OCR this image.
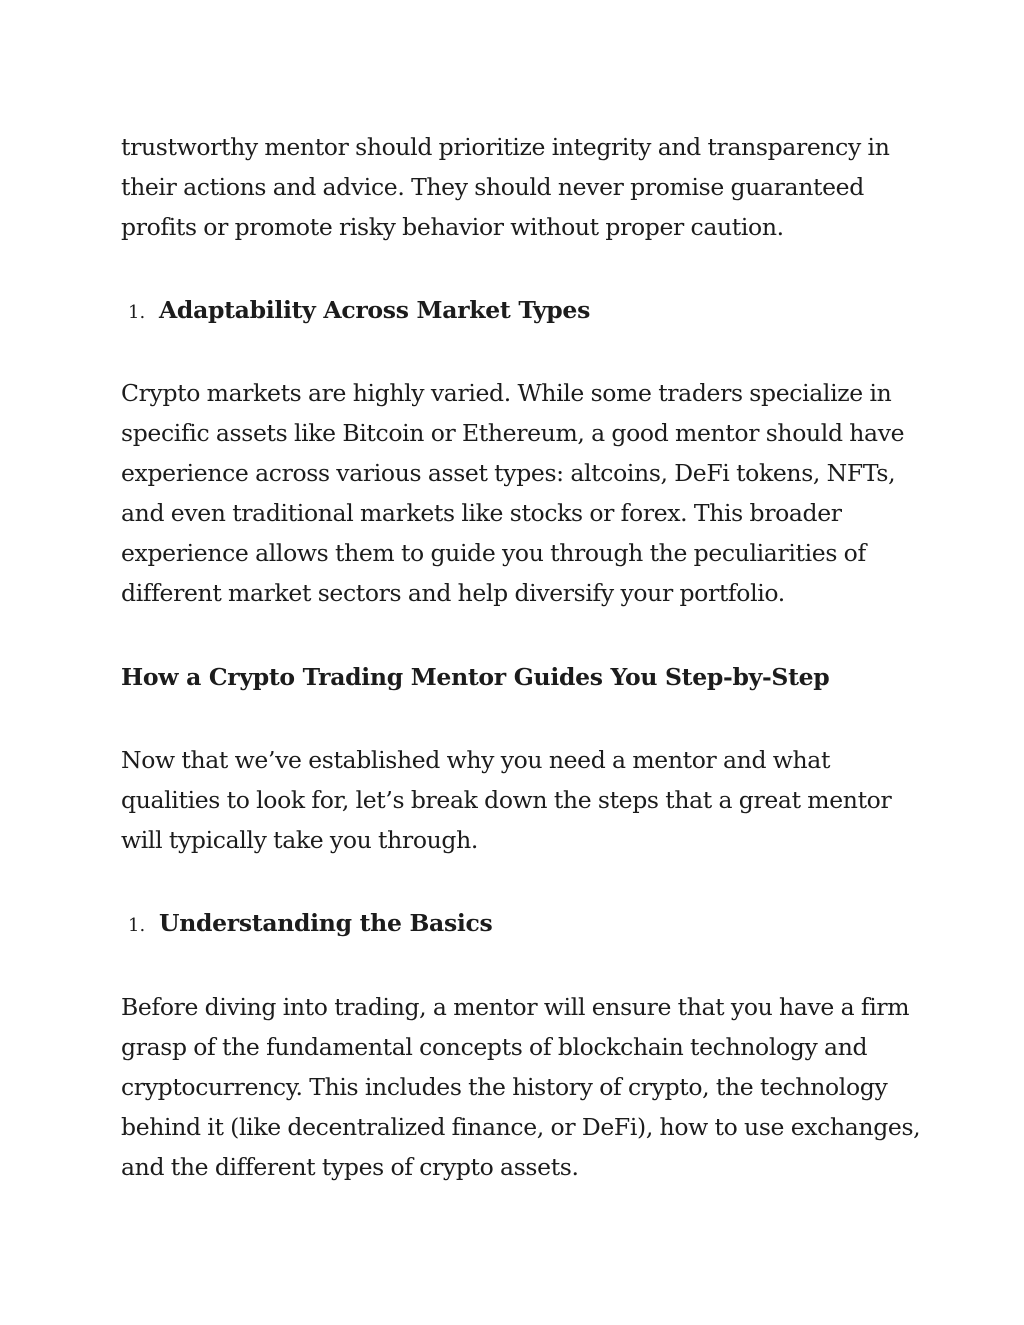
trustworthy mentor should prioritize integrity and transparency in their actions and advice. They should never promise guaranteed profits or promote risky behavior without proper caution.

1. Adaptability Across Market Types

Crypto markets are highly varied. While some traders specialize in specific assets like Bitcoin or Ethereum, a good mentor should have experience across various asset types: altcoins, DeFi tokens, NFTs, and even traditional markets like stocks or forex. This broader experience allows them to guide you through the peculiarities of different market sectors and help diversify your portfolio.

How a Crypto Trading Mentor Guides You Step-by-Step

Now that we’ve established why you need a mentor and what qualities to look for, let’s break down the steps that a great mentor will typically take you through.

1. Understanding the Basics

Before diving into trading, a mentor will ensure that you have a firm grasp of the fundamental concepts of blockchain technology and cryptocurrency. This includes the history of crypto, the technology behind it (like decentralized finance, or DeFi), how to use exchanges, and the different types of crypto assets.
